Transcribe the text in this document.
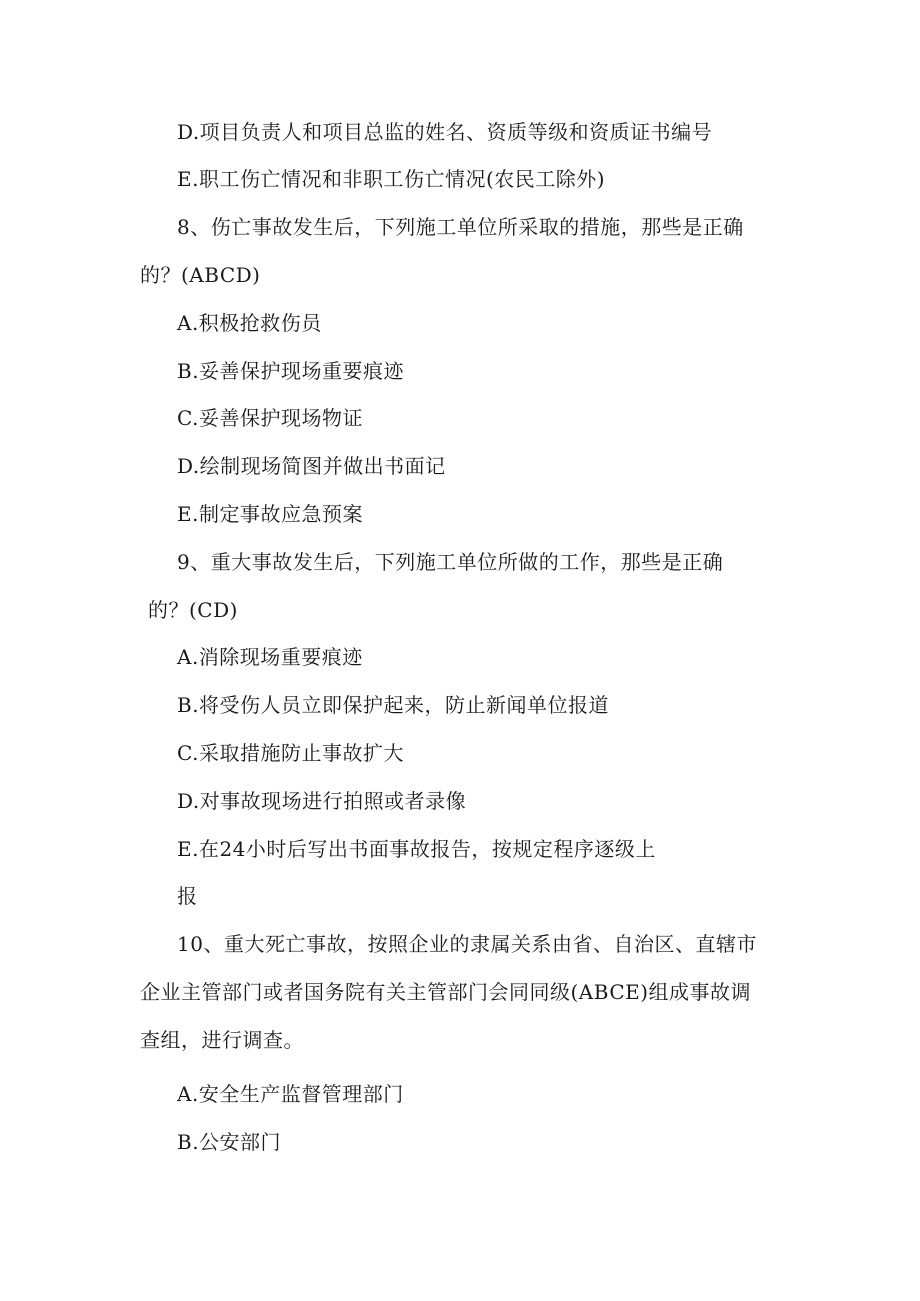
D.项目负责人和项目总监的姓名、资质等级和资质证书编号
E.职工伤亡情况和非职工伤亡情况(农民工除外)
8、伤亡事故发生后，下列施工单位所采取的措施，那些是正确
的？(ABCD)
A.积极抢救伤员
B.妥善保护现场重要痕迹
C.妥善保护现场物证
D.绘制现场简图并做出书面记
E.制定事故应急预案
9、重大事故发生后，下列施工单位所做的工作，那些是正确
的？(CD)
A.消除现场重要痕迹
B.将受伤人员立即保护起来，防止新闻单位报道
C.采取措施防止事故扩大
D.对事故现场进行拍照或者录像
E.在24小时后写出书面事故报告，按规定程序逐级上
报
10、重大死亡事故，按照企业的隶属关系由省、自治区、直辖市
企业主管部门或者国务院有关主管部门会同同级(ABCE)组成事故调
查组，进行调查。
A.安全生产监督管理部门
B.公安部门
